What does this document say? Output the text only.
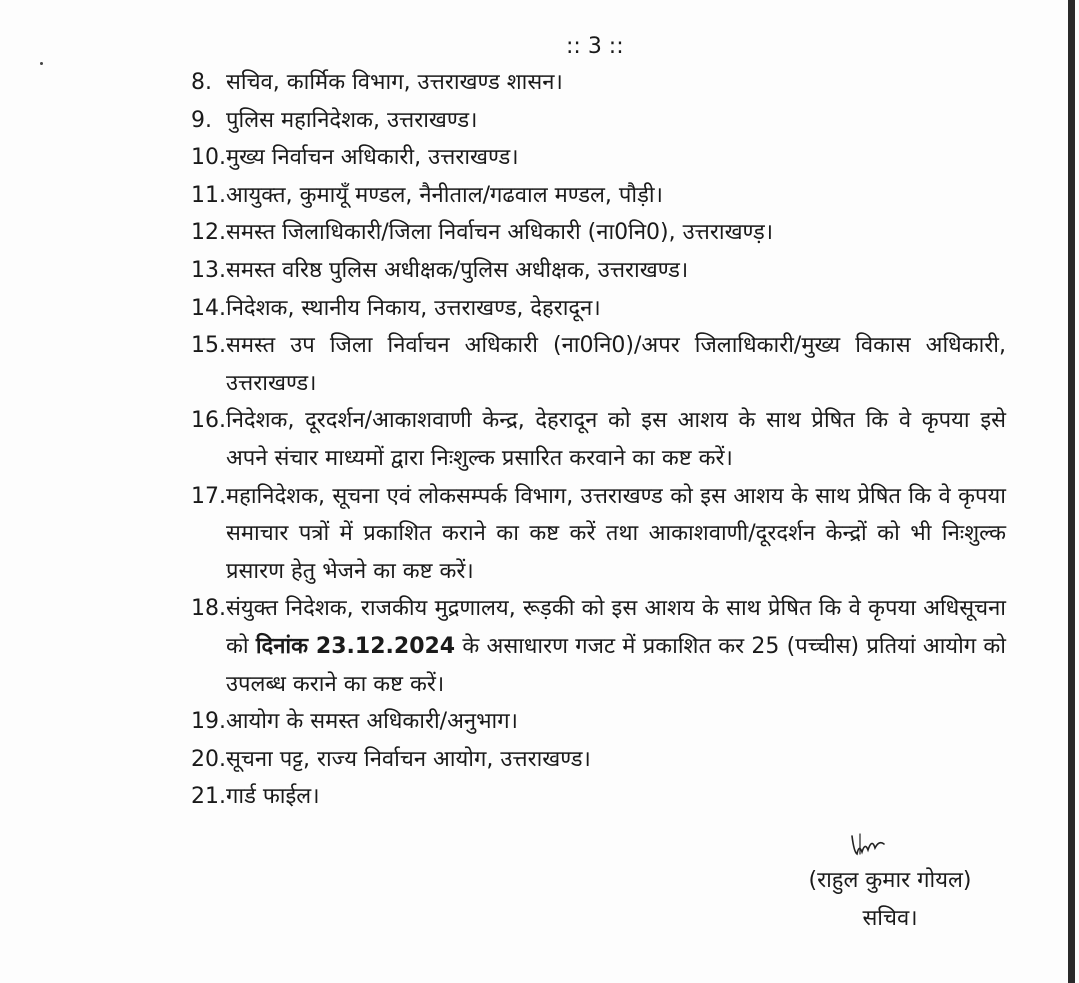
:: 3 ::
8. सचिव, कार्मिक विभाग, उत्तराखण्ड शासन।
9. पुलिस महानिदेशक, उत्तराखण्ड।
10. मुख्य निर्वाचन अधिकारी, उत्तराखण्ड।
11. आयुक्त, कुमायूँ मण्डल, नैनीताल/गढवाल मण्डल, पौड़ी।
12. समस्त जिलाधिकारी/जिला निर्वाचन अधिकारी (ना0नि0), उत्तराखण्ड़।
13. समस्त वरिष्ठ पुलिस अधीक्षक/पुलिस अधीक्षक, उत्तराखण्ड।
14. निदेशक, स्थानीय निकाय, उत्तराखण्ड, देहरादून।
15. समस्त उप जिला निर्वाचन अधिकारी (ना0नि0)/अपर जिलाधिकारी/मुख्य विकास अधिकारी, उत्तराखण्ड।
16. निदेशक, दूरदर्शन/आकाशवाणी केन्द्र, देहरादून को इस आशय के साथ प्रेषित कि वे कृपया इसे अपने संचार माध्यमों द्वारा निःशुल्क प्रसारित करवाने का कष्ट करें।
17. महानिदेशक, सूचना एवं लोकसम्पर्क विभाग, उत्तराखण्ड को इस आशय के साथ प्रेषित कि वे कृपया समाचार पत्रों में प्रकाशित कराने का कष्ट करें तथा आकाशवाणी/दूरदर्शन केन्द्रों को भी निःशुल्क प्रसारण हेतु भेजने का कष्ट करें।
18. संयुक्त निदेशक, राजकीय मुद्रणालय, रूड़की को इस आशय के साथ प्रेषित कि वे कृपया अधिसूचना को दिनांक 23.12.2024 के असाधारण गजट में प्रकाशित कर 25 (पच्चीस) प्रतियां आयोग को उपलब्ध कराने का कष्ट करें।
19. आयोग के समस्त अधिकारी/अनुभाग।
20. सूचना पट्ट, राज्य निर्वाचन आयोग, उत्तराखण्ड।
21. गार्ड फाईल।
(राहुल कुमार गोयल)
सचिव।
